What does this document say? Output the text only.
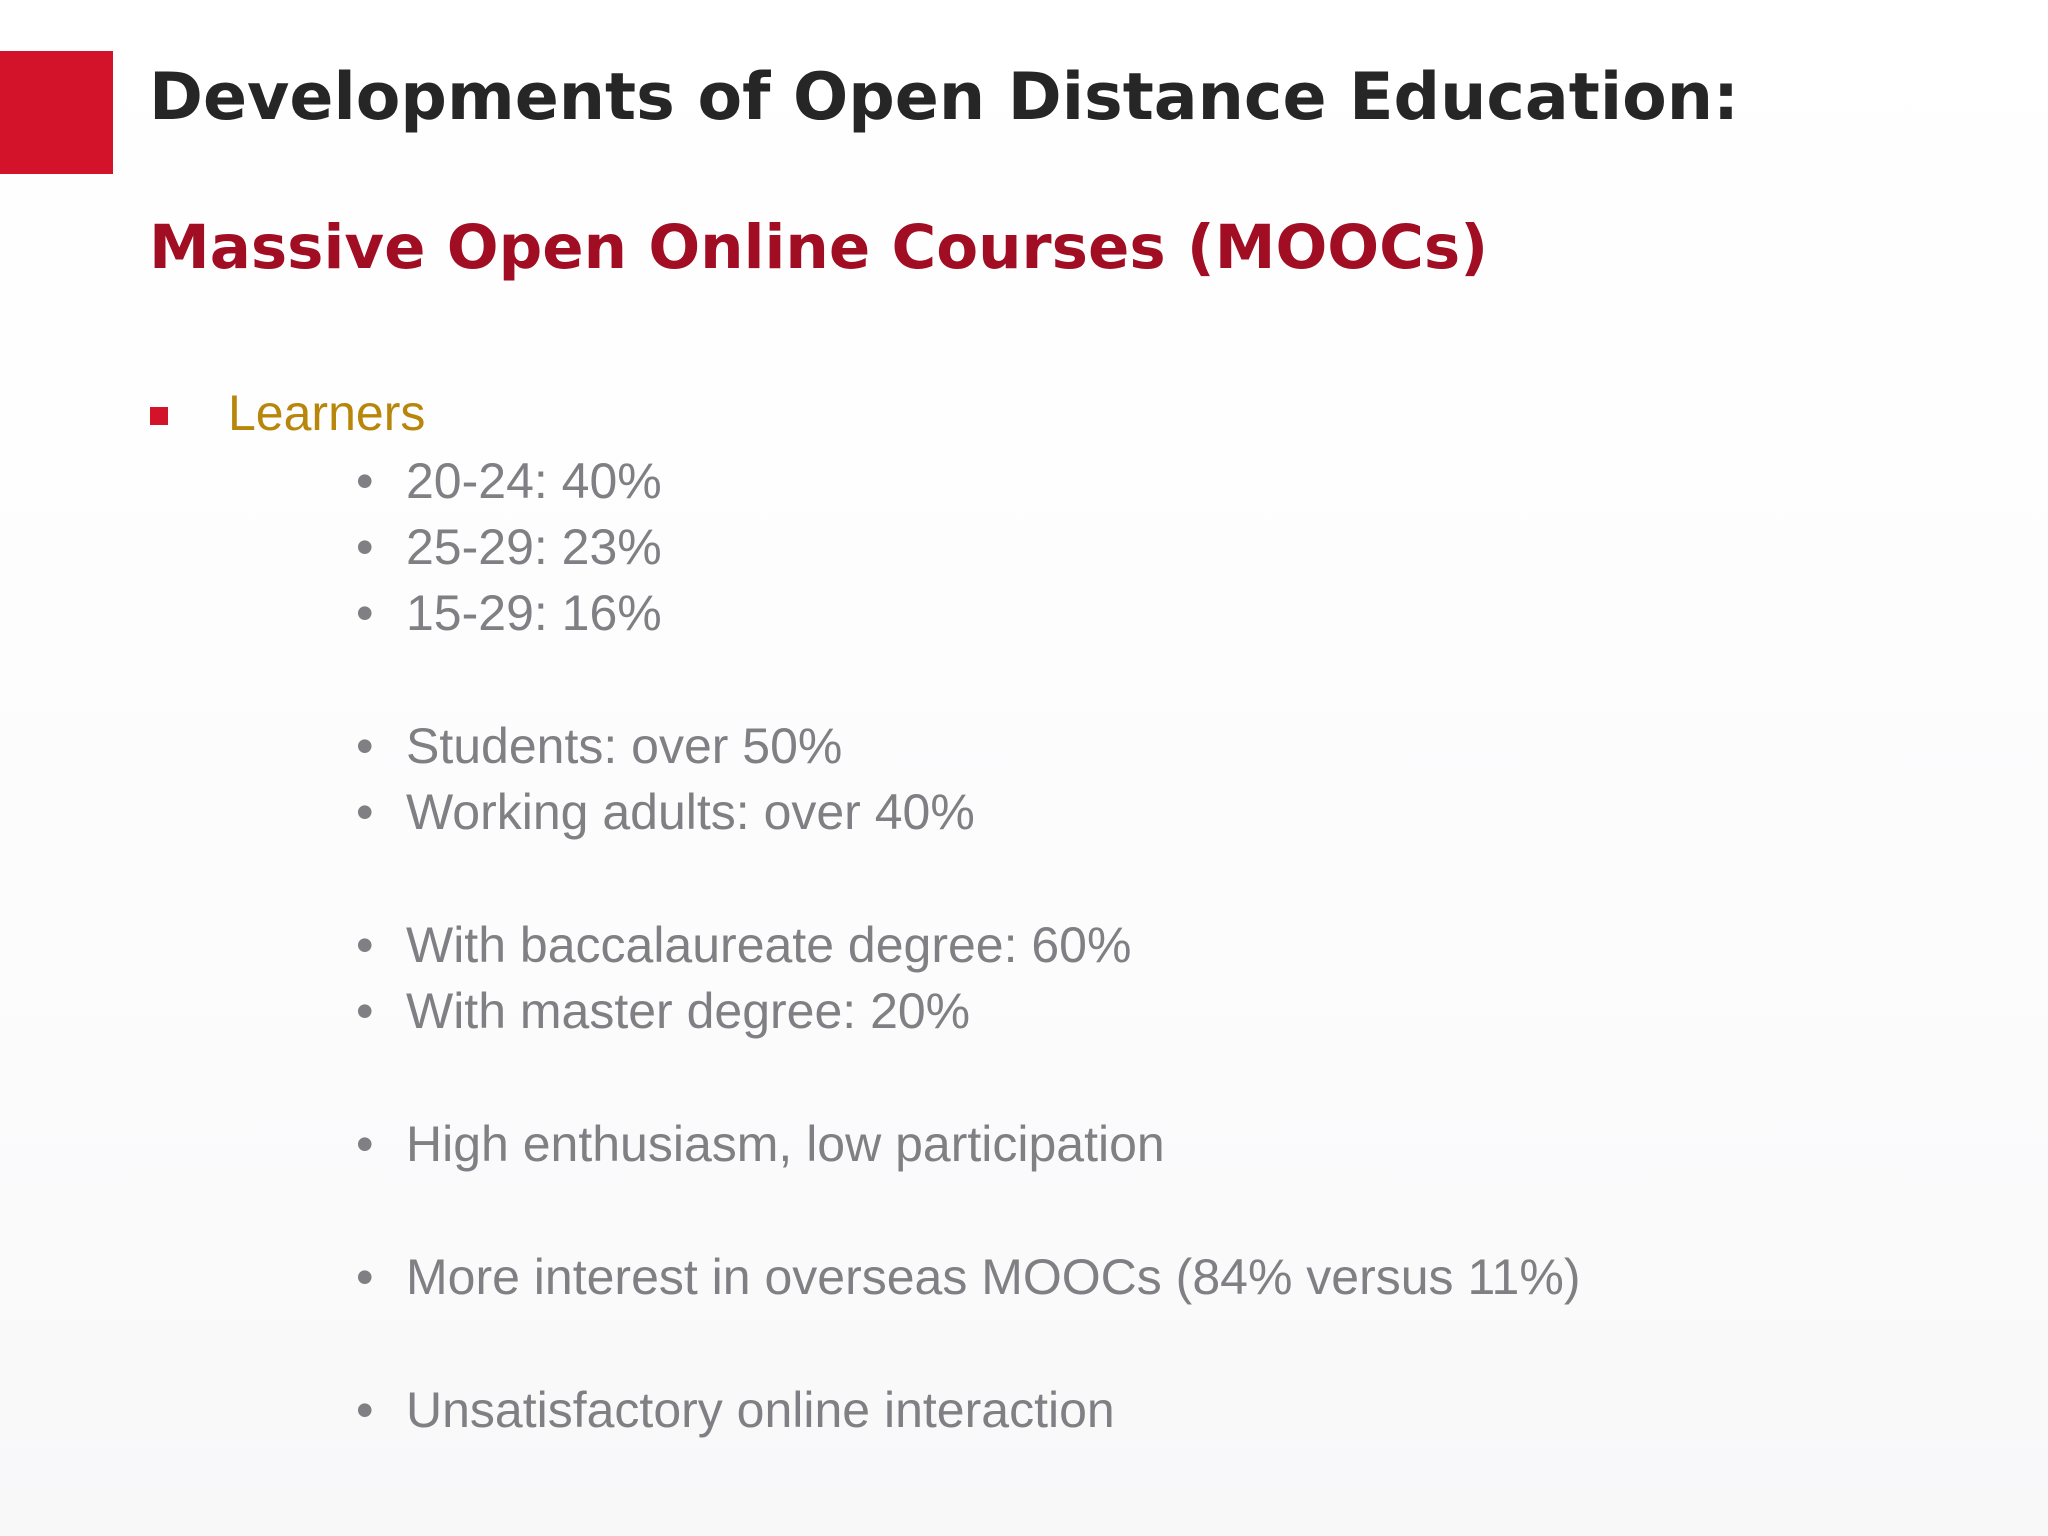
Developments of Open Distance Education:
Massive Open Online Courses (MOOCs)
Learners
• 20-24: 40%
• 25-29: 23%
• 15-29: 16%
• Students: over 50%
• Working adults: over 40%
• With baccalaureate degree: 60%
• With master degree: 20%
• High enthusiasm, low participation
• More interest in overseas MOOCs (84% versus 11%)
• Unsatisfactory online interaction
